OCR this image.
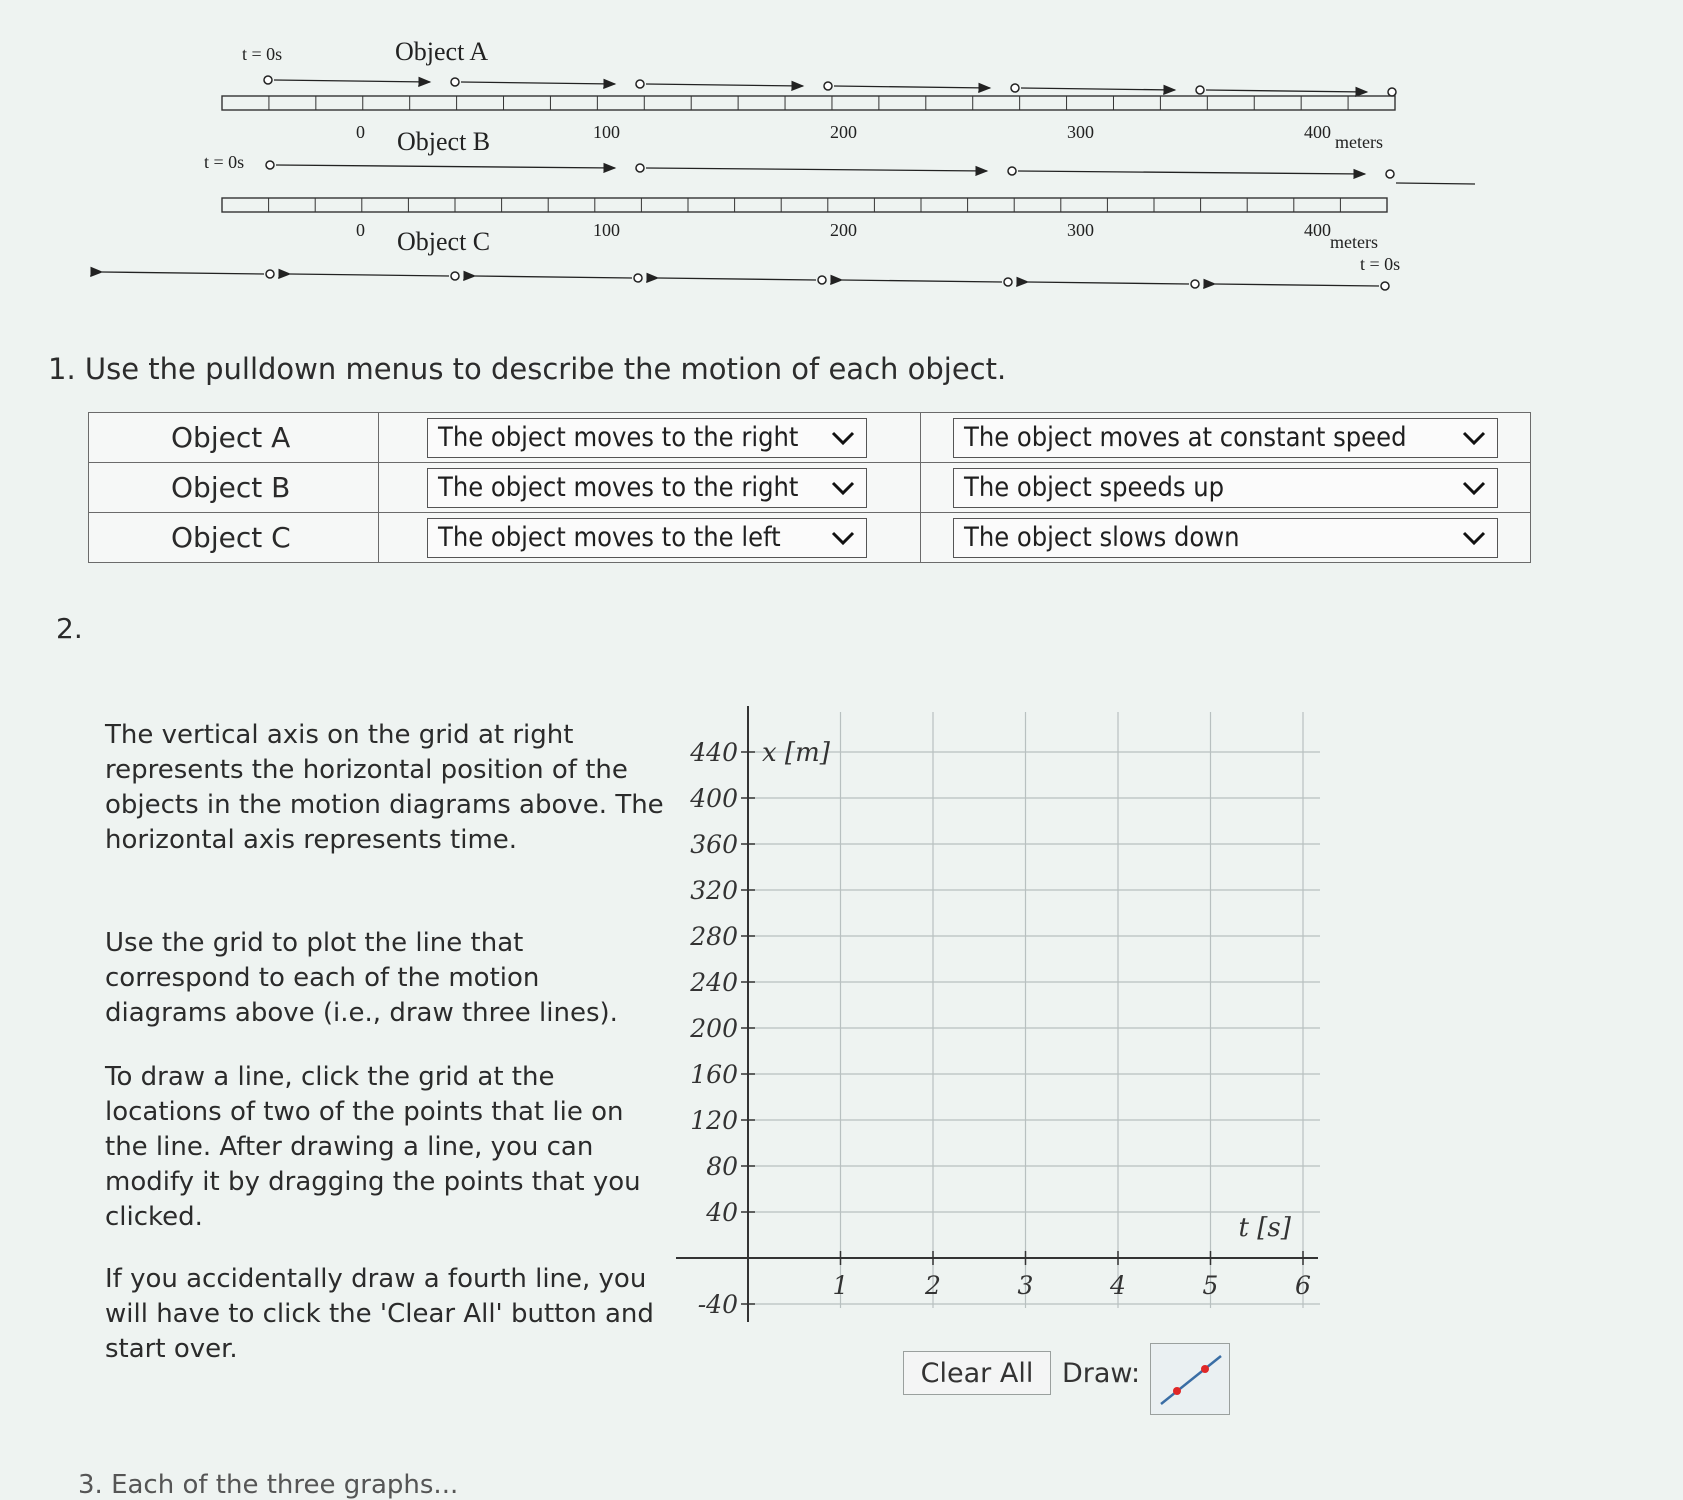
t = 0s	Object A
0	100	200	300	400 meters
Object B
t = 0s
0	100	200	300	400
meters
Object C
t = 0s
1. Use the pulldown menus to describe the motion of each object.
Object A	The object moves to the right	The object moves at constant speed

Object B	The object moves to the right	The object speeds up

Object C	The object moves to the left	The object slows down
2.
The vertical axis on the grid at right represents the horizontal position of the objects in the motion diagrams above. The horizontal axis represents time.
Use the grid to plot the line that correspond to each of the motion diagrams above (i.e., draw three lines).
To draw a line, click the grid at the locations of two of the points that lie on the line. After drawing a line, you can modify it by dragging the points that you clicked.
If you accidentally draw a fourth line, you will have to click the 'Clear All' button and start over.
440
400
360
320
280
240
200
160
120
80
40
-40
1	2	3	4	5	6
x [m]
t [s]
Clear All	Draw:
3. Each of the three graphs...
